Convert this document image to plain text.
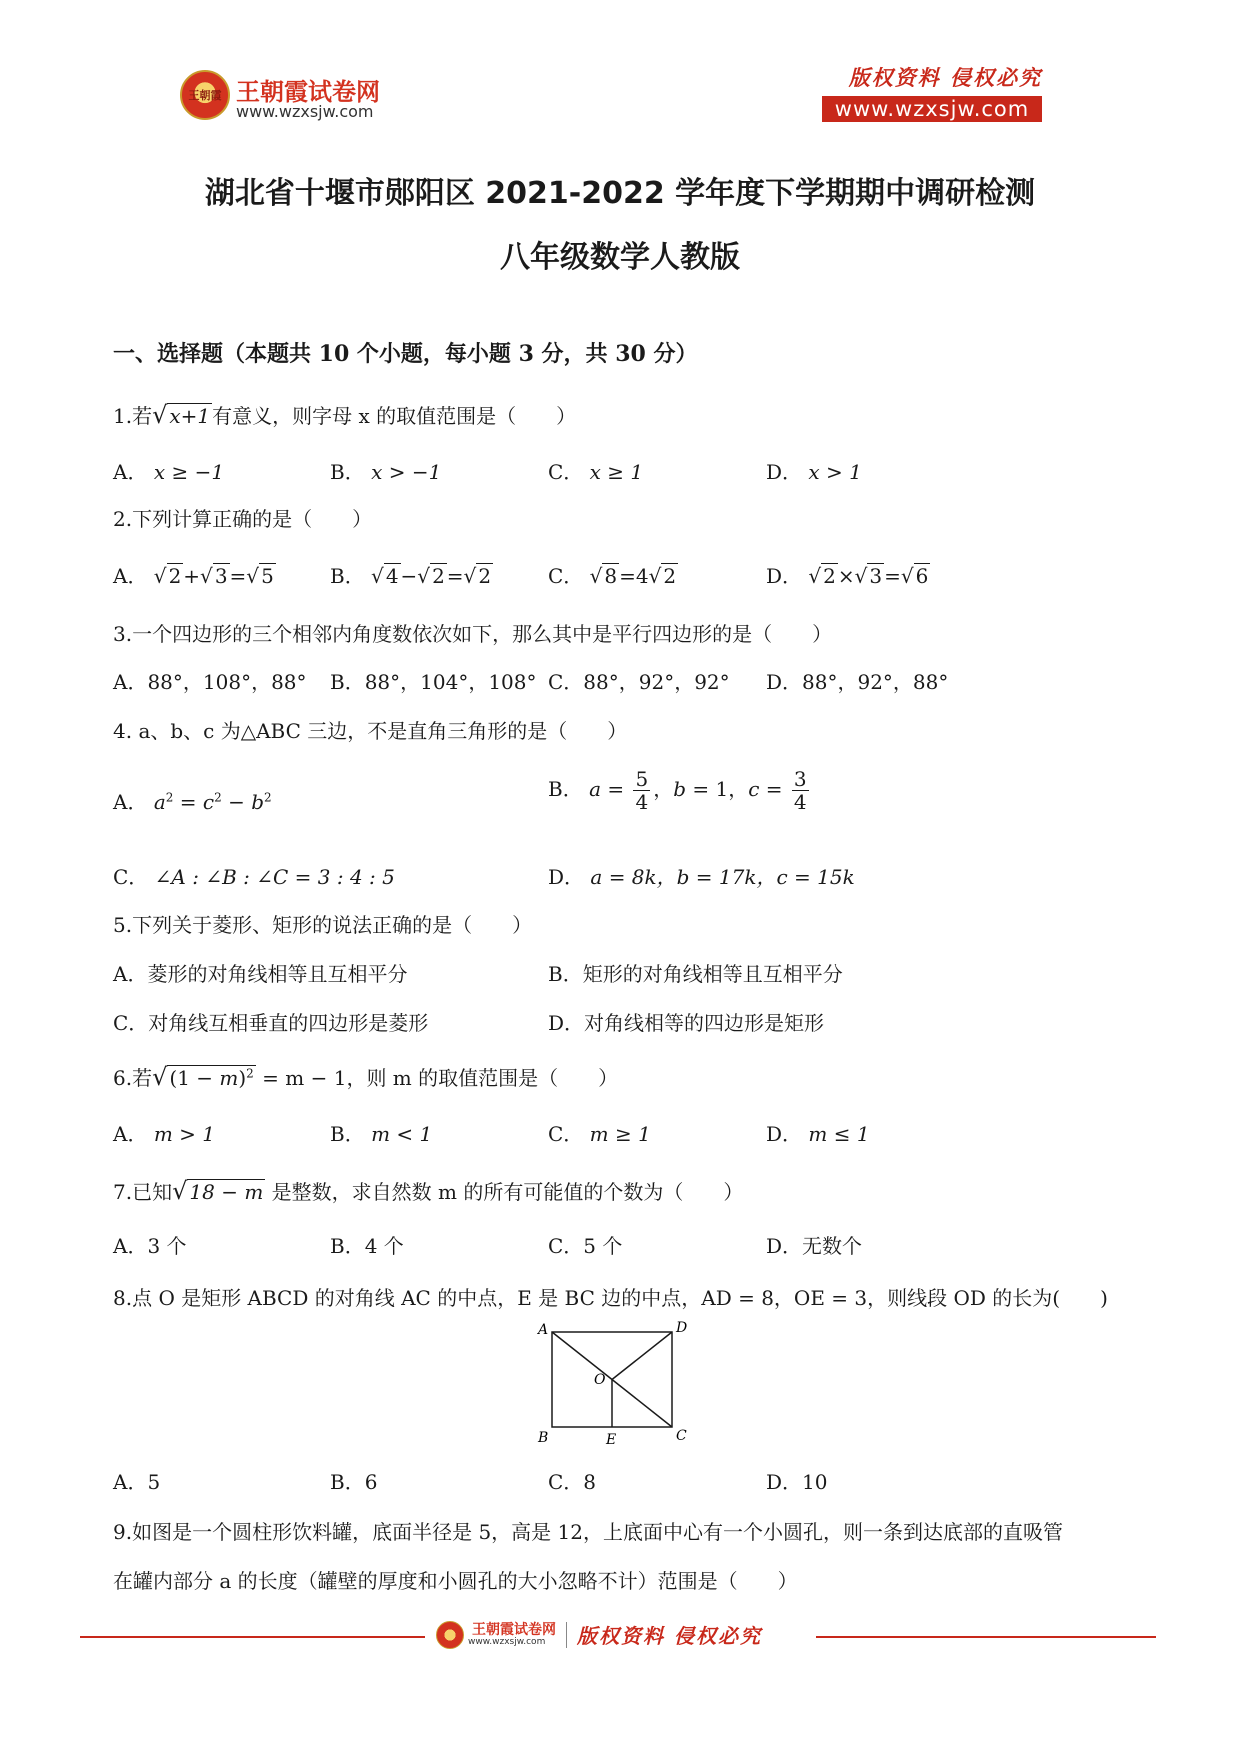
王朝霞 王朝霞试卷网
www.wzxsjw.com
版权资料 侵权必究
www.wzxsjw.com
湖北省十堰市郧阳区 2021-2022 学年度下学期期中调研检测
八年级数学人教版
一、选择题（本题共 10 个小题，每小题 3 分，共 30 分）
1.若√ x+1 有意义，则字母 x 的取值范围是（　　）
A． x ≥ −1	B． x > −1	C． x ≥ 1	D． x > 1
2.下列计算正确的是（　　）
A． √ 2 +√ 3 =√ 5	B． √ 4 −√ 2 =√ 2	C． √ 8 =4√ 2	D． √ 2 ×√ 3 =√ 6
3.一个四边形的三个相邻内角度数依次如下，那么其中是平行四边形的是（　　）
A．88°，108°，88° B．88°，104°，108° C．88°，92°，92° D．88°，92°，88°
4. a、b、c 为△ABC 三边，不是直角三角形的是（　　）
A． $a^2 = c^2 - b^2$	B． $a = \frac{5}{4}$ ，b = 1，$c = \frac{3}{4}$
C． ∠A : ∠B : ∠C = 3 : 4 : 5	D． a = 8k，b = 17k，c = 15k
5.下列关于菱形、矩形的说法正确的是（　　）
A．菱形的对角线相等且互相平分	B．矩形的对角线相等且互相平分
C．对角线互相垂直的四边形是菱形	D．对角线相等的四边形是矩形
6.若√ $(1 - m)^2 = m - 1$，则 m 的取值范围是（　　）
A． m > 1	B． m < 1	C． m ≥ 1	D． m ≤ 1
7.已知√ 18 − m 是整数，求自然数 m 的所有可能值的个数为（　　）
A．3 个	B．4 个	C．5 个	D．无数个
8.点 O 是矩形 ABCD 的对角线 AC 的中点，E 是 BC 边的中点，AD = 8，OE = 3，则线段 OD 的长为(　　)
A	D
B	C
O
E
A．5	B．6	C．8	D．10
9.如图是一个圆柱形饮料罐，底面半径是 5，高是 12，上底面中心有一个小圆孔，则一条到达底部的直吸管
在罐内部分 a 的长度（罐壁的厚度和小圆孔的大小忽略不计）范围是（　　）
王朝霞试卷网
www.wzxsjw.com	版权资料 侵权必究
